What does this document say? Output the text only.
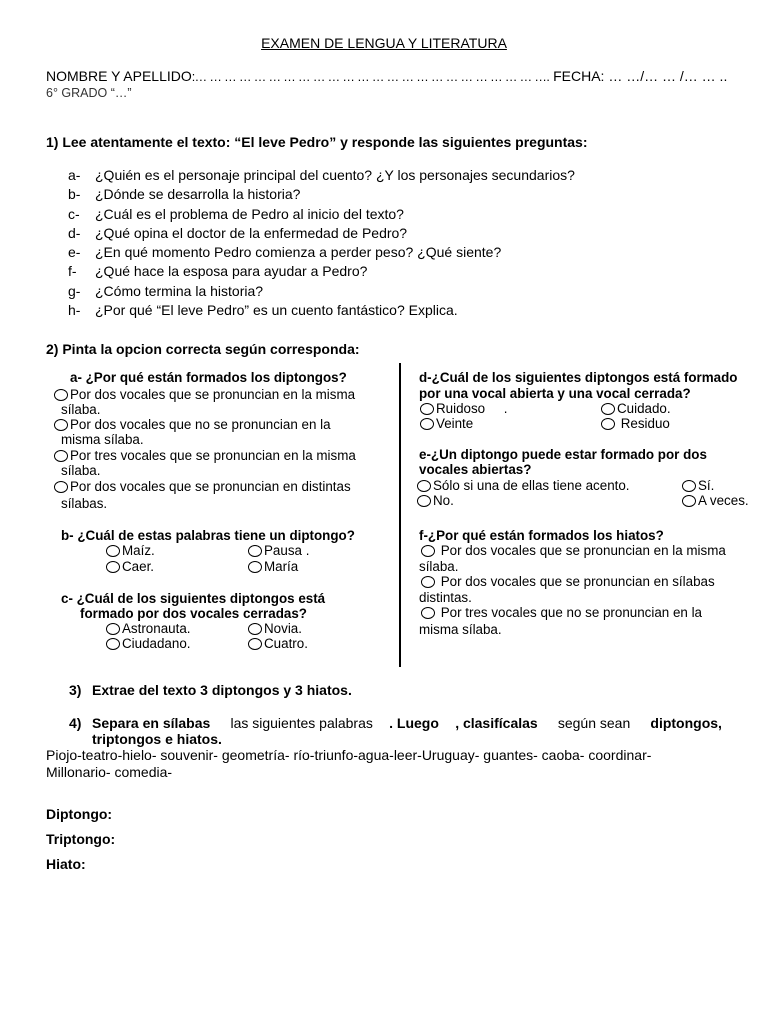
EXAMEN DE LENGUA Y LITERATURA
NOMBRE Y APELLIDO:… … … … … … … … … … … … … … … … … … … … … … … …. FECHA: … …/… … /… … ..
6° GRADO “…”
1) Lee atentamente el texto: “El leve Pedro” y responde las siguientes preguntas:
a-	¿Quién es el personaje principal del cuento? ¿Y los personajes secundarios?
b-	¿Dónde se desarrolla la historia?
c-	¿Cuál es el problema de Pedro al inicio del texto?
d-	¿Qué opina el doctor de la enfermedad de Pedro?
e-	¿En qué momento Pedro comienza a perder peso? ¿Qué siente?
f-	¿Qué hace la esposa para ayudar a Pedro?
g-	¿Cómo termina la historia?
h-	¿Por qué “El leve Pedro” es un cuento fantástico? Explica.
2) Pinta la opcion correcta según corresponda:
a- ¿Por qué están formados los diptongos?
Por dos vocales que se pronuncian en la misma
sílaba.
Por dos vocales que no se pronuncian en la
misma sílaba.
Por tres vocales que se pronuncian en la misma
sílaba.
Por dos vocales que se pronuncian en distintas
sílabas.
b- ¿Cuál de estas palabras tiene un diptongo?
Maíz.	Pausa .
Caer.	María
c- ¿Cuál de los siguientes diptongos está
formado por dos vocales cerradas?
Astronauta.	Novia.
Ciudadano.	Cuatro.
d-¿Cuál de los siguientes diptongos está formado
por una vocal abierta y una vocal cerrada?
Ruidoso     .	Cuidado.
Veinte	Residuo
e-¿Un diptongo puede estar formado por dos
vocales abiertas?
Sólo si una de ellas tiene acento.	Sí.
No.	A veces.
f-¿Por qué están formados los hiatos?
Por dos vocales que se pronuncian en la misma
sílaba.
Por dos vocales que se pronuncian en sílabas
distintas.
Por tres vocales que no se pronuncian en la
misma sílaba.
3) Extrae del texto 3 diptongos y 3 hiatos.
4) Separa en sílabas las siguientes palabras . Luego , clasifícalas según sean diptongos,
triptongos e hiatos.
Piojo-teatro-hielo- souvenir- geometría- río-triunfo-agua-leer-Uruguay- guantes- caoba- coordinar-
Millonario- comedia-
Diptongo:
Triptongo:
Hiato:
